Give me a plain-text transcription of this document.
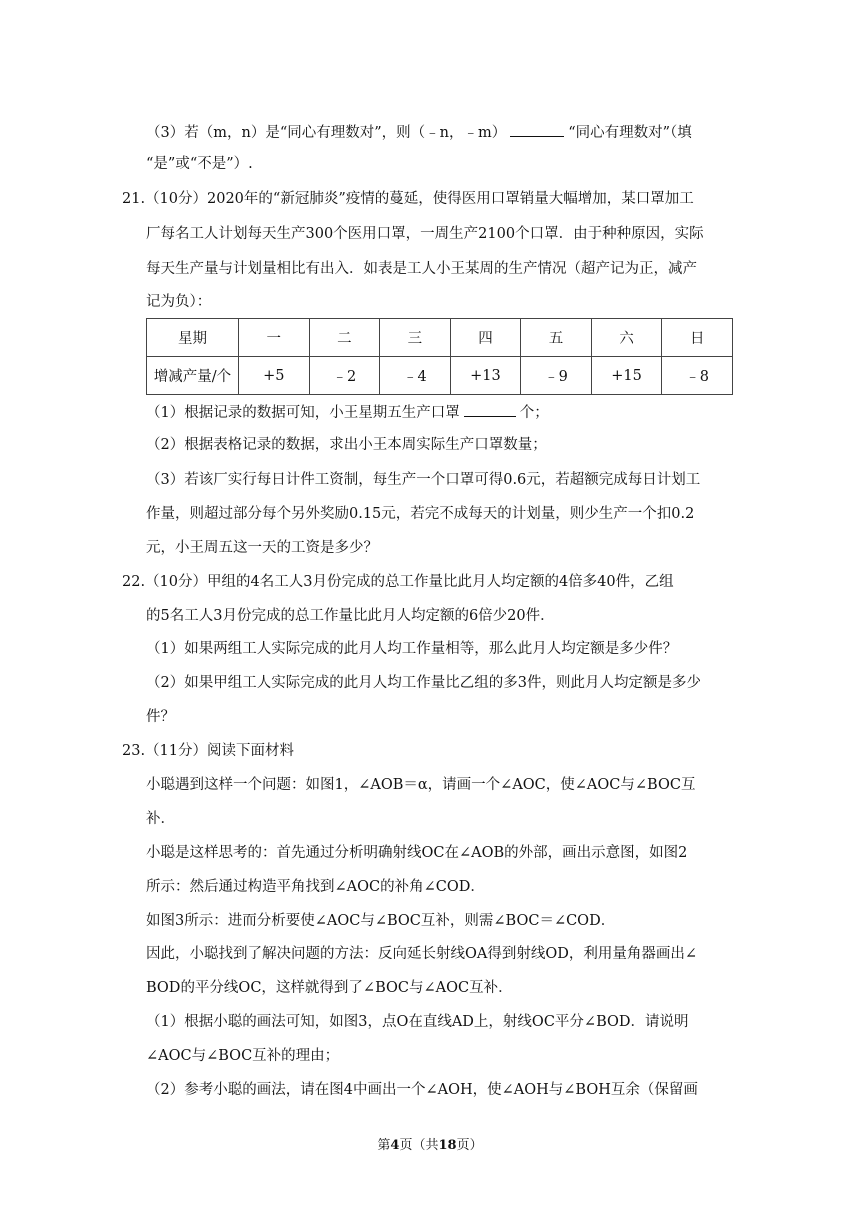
（3）若（m，n）是“同心有理数对”，则（﹣n，﹣m）	“同心有理数对”（填
“是”或“不是”）.
21.（10分）2020年的“新冠肺炎”疫情的蔓延，使得医用口罩销量大幅增加，某口罩加工
厂每名工人计划每天生产300个医用口罩，一周生产2100个口罩．由于种种原因，实际
每天生产量与计划量相比有出入．如表是工人小王某周的生产情况（超产记为正，减产
记为负）：
星期	一	二	三	四	五	六	日
增减产量/个	+5	﹣2	﹣4	+13	﹣9	+15	﹣8
（1）根据记录的数据可知，小王星期五生产口罩	个；
（2）根据表格记录的数据，求出小王本周实际生产口罩数量；
（3）若该厂实行每日计件工资制，每生产一个口罩可得0.6元，若超额完成每日计划工
作量，则超过部分每个另外奖励0.15元，若完不成每天的计划量，则少生产一个扣0.2
元，小王周五这一天的工资是多少？
22.（10分）甲组的4名工人3月份完成的总工作量比此月人均定额的4倍多40件，乙组
的5名工人3月份完成的总工作量比此月人均定额的6倍少20件．
（1）如果两组工人实际完成的此月人均工作量相等，那么此月人均定额是多少件？
（2）如果甲组工人实际完成的此月人均工作量比乙组的多3件，则此月人均定额是多少
件？
23.（11分）阅读下面材料
小聪遇到这样一个问题：如图1，∠AOB＝α，请画一个∠AOC，使∠AOC与∠BOC互
补．
小聪是这样思考的：首先通过分析明确射线OC在∠AOB的外部，画出示意图，如图2
所示：然后通过构造平角找到∠AOC的补角∠COD．
如图3所示：进而分析要使∠AOC与∠BOC互补，则需∠BOC＝∠COD．
因此，小聪找到了解决问题的方法：反向延长射线OA得到射线OD，利用量角器画出∠
BOD的平分线OC，这样就得到了∠BOC与∠AOC互补．
（1）根据小聪的画法可知，如图3，点O在直线AD上，射线OC平分∠BOD．请说明
∠AOC与∠BOC互补的理由；
（2）参考小聪的画法，请在图4中画出一个∠AOH，使∠AOH与∠BOH互余（保留画
第4页（共18页）
